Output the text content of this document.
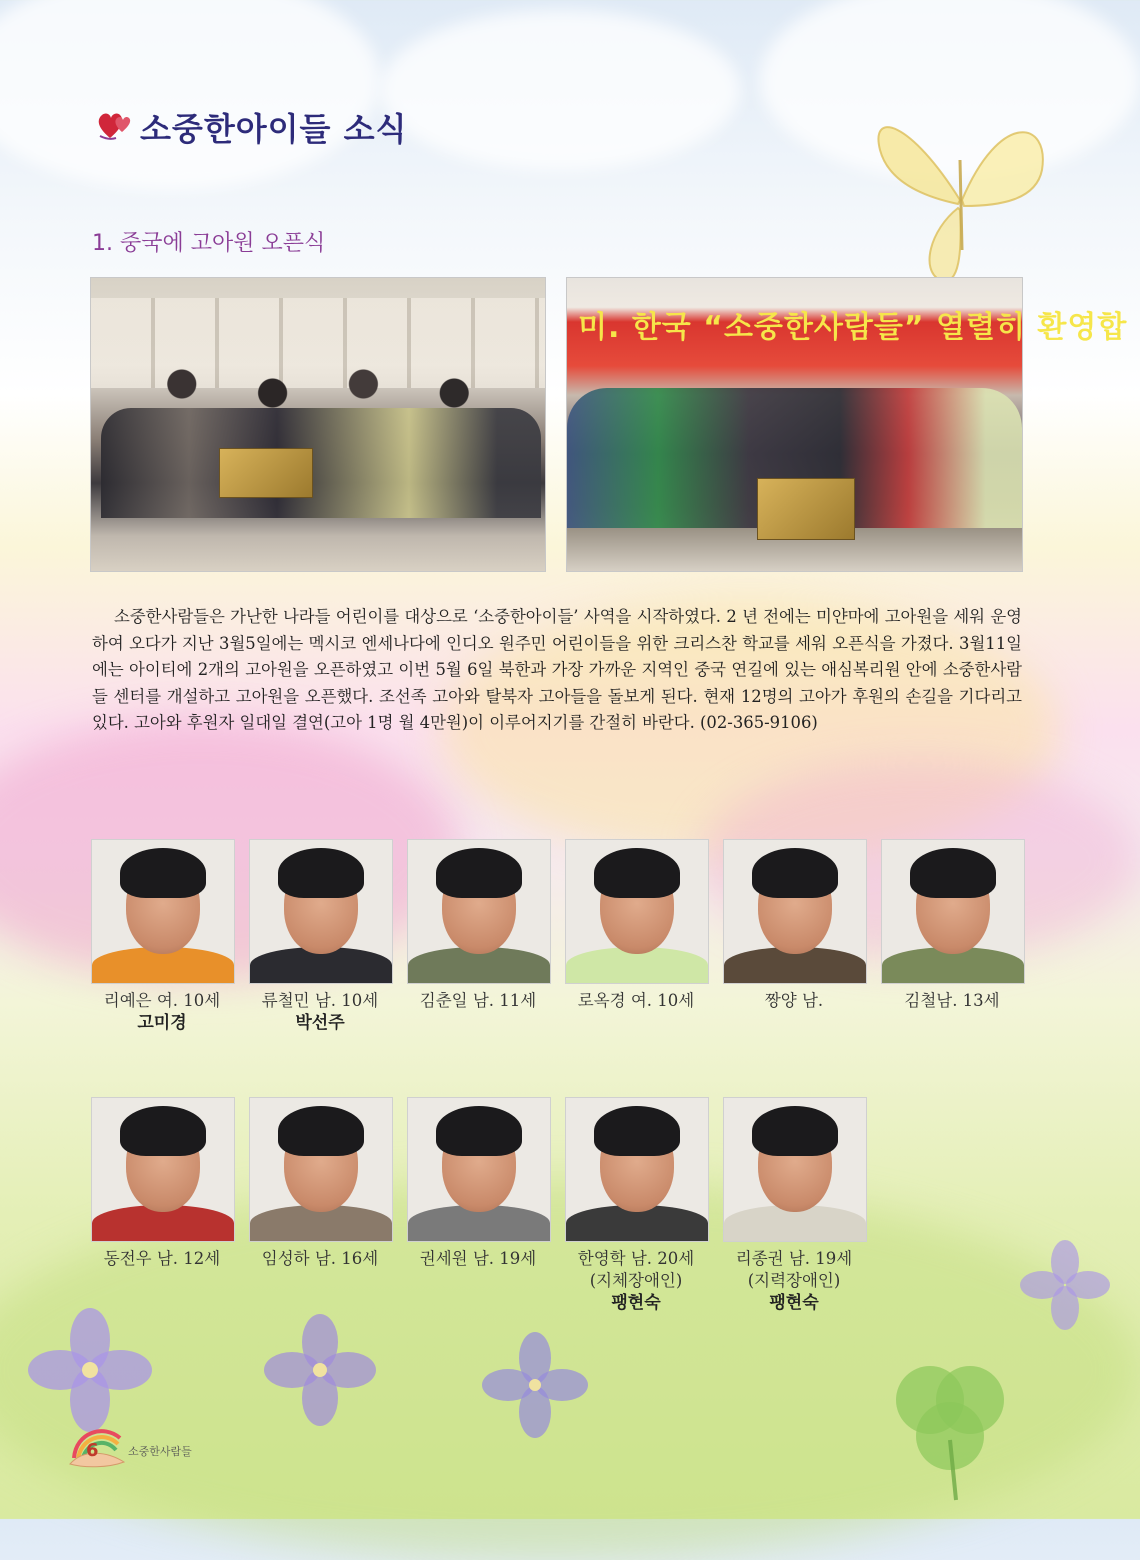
소중한아이들 소식
1. 중국에 고아원 오픈식
미. 한국 “소중한사람들” 열렬히 환영합
소중한사람들은 가난한 나라들 어린이를 대상으로 ‘소중한아이들’ 사역을 시작하였다. 2 년 전에는 미얀마에 고아원을 세워 운영하여 오다가 지난 3월5일에는 멕시코 엔세나다에 인디오 원주민 어린이들을 위한 크리스찬 학교를 세워 오픈식을 가졌다. 3월11일에는 아이티에 2개의 고아원을 오픈하였고 이번 5월 6일 북한과 가장 가까운 지역인 중국 연길에 있는 애심복리원 안에 소중한사람들 센터를 개설하고 고아원을 오픈했다. 조선족 고아와 탈북자 고아들을 돌보게 된다. 현재 12명의 고아가 후원의 손길을 기다리고 있다. 고아와 후원자 일대일 결연(고아 1명 월 4만원)이 이루어지기를 간절히 바란다. (02-365-9106)
리예은 여. 10세
고미경
류철민 남. 10세
박선주
김춘일 남. 11세	로옥경 여. 10세	짱양 남.	김철남. 13세
동전우 남. 12세	임성하 남. 16세	권세원 남. 19세	한영학 남. 20세
(지체장애인)
팽현숙
리종권 남. 19세
(지력장애인)
팽현숙
6	소중한사람들
